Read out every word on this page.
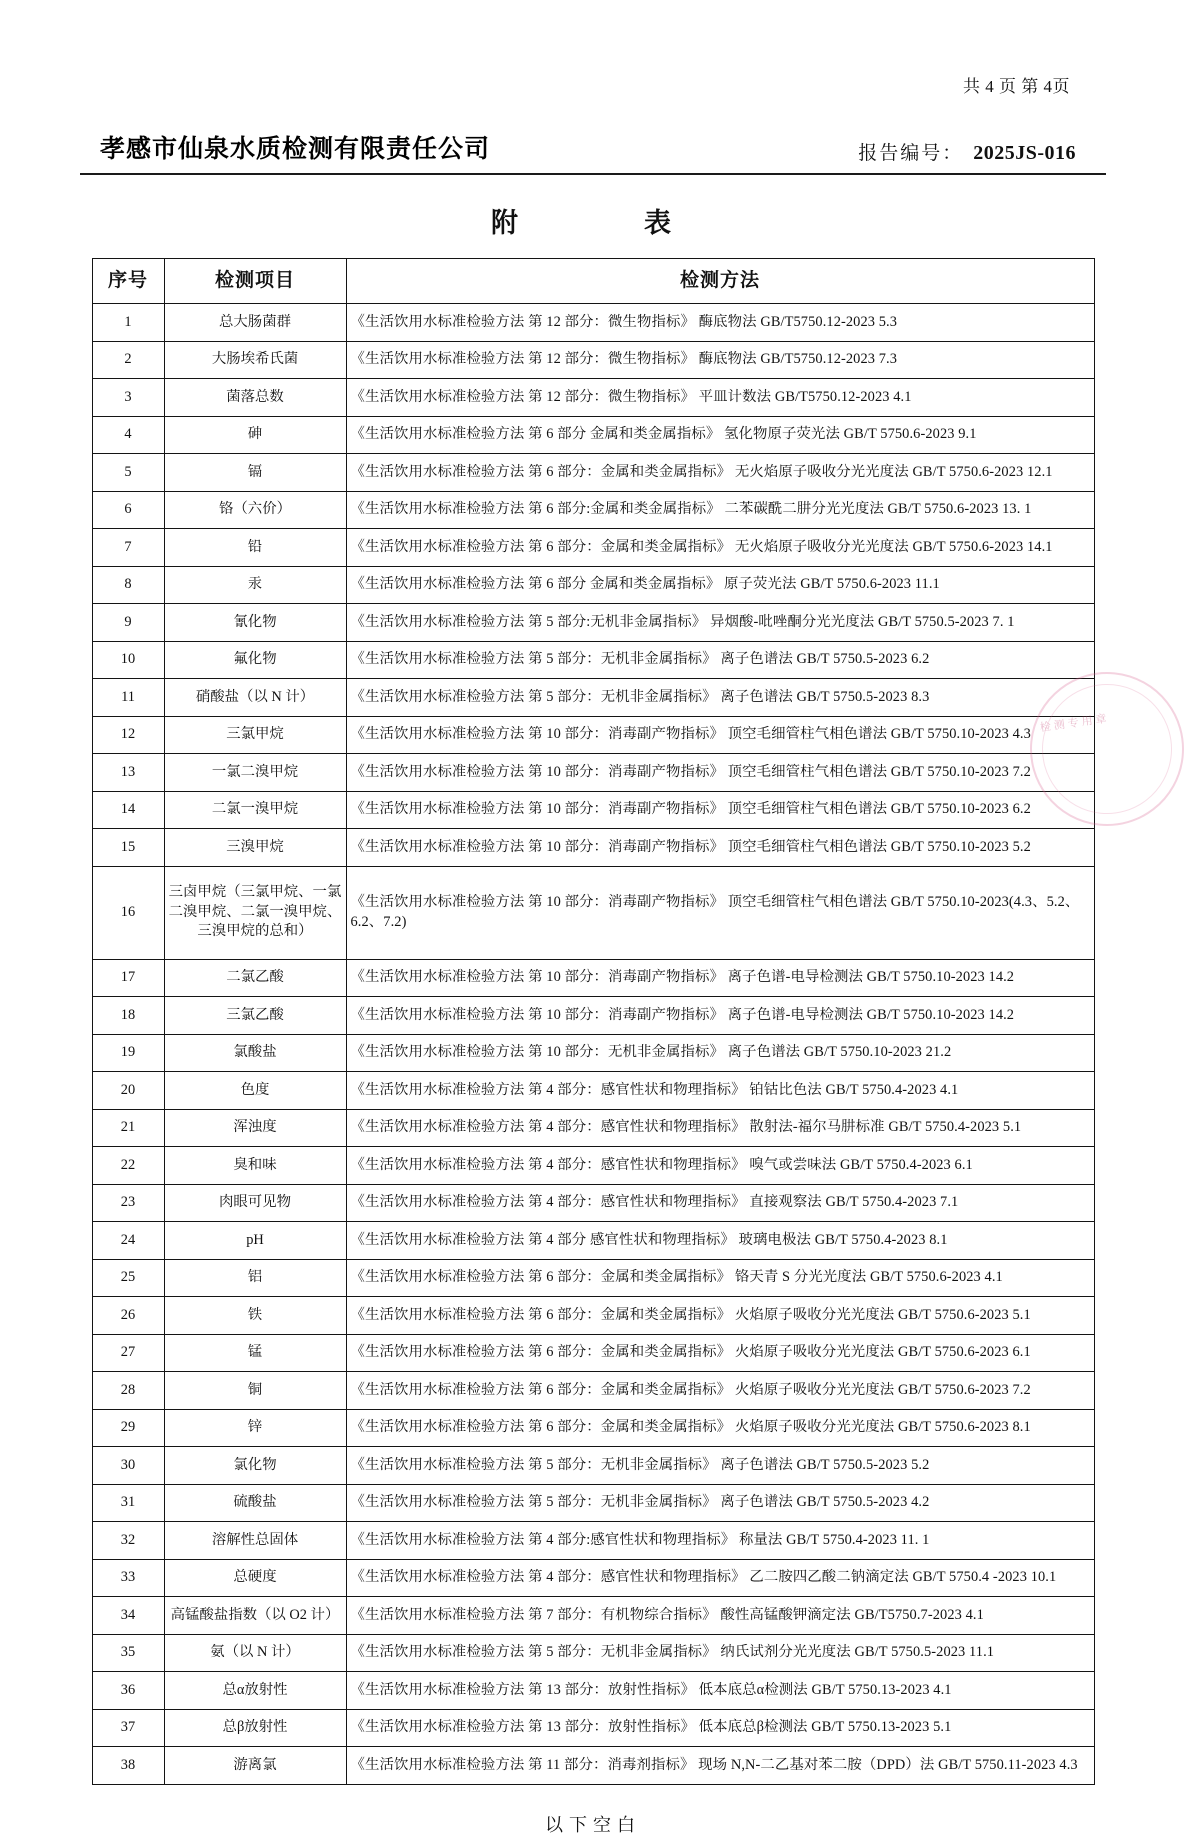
共 4 页 第 4页
孝感市仙泉水质检测有限责任公司	报告编号： 2025JS-016
附　　表
序号	检测项目	检测方法
1	总大肠菌群	《生活饮用水标准检验方法 第 12 部分：微生物指标》 酶底物法 GB/T5750.12-2023 5.3
2	大肠埃希氏菌	《生活饮用水标准检验方法 第 12 部分：微生物指标》 酶底物法 GB/T5750.12-2023 7.3
3	菌落总数	《生活饮用水标准检验方法 第 12 部分：微生物指标》 平皿计数法 GB/T5750.12-2023 4.1
4	砷	《生活饮用水标准检验方法 第 6 部分 金属和类金属指标》 氢化物原子荧光法 GB/T 5750.6-2023 9.1
5	镉	《生活饮用水标准检验方法 第 6 部分：金属和类金属指标》 无火焰原子吸收分光光度法 GB/T 5750.6-2023 12.1
6	铬（六价）	《生活饮用水标准检验方法 第 6 部分:金属和类金属指标》 二苯碳酰二肼分光光度法 GB/T 5750.6-2023 13. 1
7	铅	《生活饮用水标准检验方法 第 6 部分：金属和类金属指标》 无火焰原子吸收分光光度法 GB/T 5750.6-2023 14.1
8	汞	《生活饮用水标准检验方法 第 6 部分 金属和类金属指标》 原子荧光法 GB/T 5750.6-2023 11.1
9	氰化物	《生活饮用水标准检验方法 第 5 部分:无机非金属指标》 异烟酸-吡唑酮分光光度法 GB/T 5750.5-2023 7. 1
10	氟化物	《生活饮用水标准检验方法 第 5 部分：无机非金属指标》 离子色谱法 GB/T 5750.5-2023 6.2
11	硝酸盐（以 N 计）	《生活饮用水标准检验方法 第 5 部分：无机非金属指标》 离子色谱法 GB/T 5750.5-2023 8.3
12	三氯甲烷	《生活饮用水标准检验方法 第 10 部分：消毒副产物指标》 顶空毛细管柱气相色谱法 GB/T 5750.10-2023 4.3
13	一氯二溴甲烷	《生活饮用水标准检验方法 第 10 部分：消毒副产物指标》 顶空毛细管柱气相色谱法 GB/T 5750.10-2023 7.2
14	二氯一溴甲烷	《生活饮用水标准检验方法 第 10 部分：消毒副产物指标》 顶空毛细管柱气相色谱法 GB/T 5750.10-2023 6.2
15	三溴甲烷	《生活饮用水标准检验方法 第 10 部分：消毒副产物指标》 顶空毛细管柱气相色谱法 GB/T 5750.10-2023 5.2
16	三卤甲烷（三氯甲烷、一氯二溴甲烷、二氯一溴甲烷、三溴甲烷的总和）	《生活饮用水标准检验方法 第 10 部分：消毒副产物指标》 顶空毛细管柱气相色谱法 GB/T 5750.10-2023(4.3、5.2、6.2、7.2)
17	二氯乙酸	《生活饮用水标准检验方法 第 10 部分：消毒副产物指标》 离子色谱-电导检测法 GB/T 5750.10-2023 14.2
18	三氯乙酸	《生活饮用水标准检验方法 第 10 部分：消毒副产物指标》 离子色谱-电导检测法 GB/T 5750.10-2023 14.2
19	氯酸盐	《生活饮用水标准检验方法 第 10 部分：无机非金属指标》 离子色谱法 GB/T 5750.10-2023 21.2
20	色度	《生活饮用水标准检验方法 第 4 部分：感官性状和物理指标》 铂钴比色法 GB/T 5750.4-2023 4.1
21	浑浊度	《生活饮用水标准检验方法 第 4 部分：感官性状和物理指标》 散射法-福尔马肼标准 GB/T 5750.4-2023 5.1
22	臭和味	《生活饮用水标准检验方法 第 4 部分：感官性状和物理指标》 嗅气或尝味法 GB/T 5750.4-2023 6.1
23	肉眼可见物	《生活饮用水标准检验方法 第 4 部分：感官性状和物理指标》 直接观察法 GB/T 5750.4-2023 7.1
24	pH	《生活饮用水标准检验方法 第 4 部分 感官性状和物理指标》 玻璃电极法 GB/T 5750.4-2023 8.1
25	铝	《生活饮用水标准检验方法 第 6 部分：金属和类金属指标》 铬天青 S 分光光度法 GB/T 5750.6-2023 4.1
26	铁	《生活饮用水标准检验方法 第 6 部分：金属和类金属指标》 火焰原子吸收分光光度法 GB/T 5750.6-2023 5.1
27	锰	《生活饮用水标准检验方法 第 6 部分：金属和类金属指标》 火焰原子吸收分光光度法 GB/T 5750.6-2023 6.1
28	铜	《生活饮用水标准检验方法 第 6 部分：金属和类金属指标》 火焰原子吸收分光光度法 GB/T 5750.6-2023 7.2
29	锌	《生活饮用水标准检验方法 第 6 部分：金属和类金属指标》 火焰原子吸收分光光度法 GB/T 5750.6-2023 8.1
30	氯化物	《生活饮用水标准检验方法 第 5 部分：无机非金属指标》 离子色谱法 GB/T 5750.5-2023 5.2
31	硫酸盐	《生活饮用水标准检验方法 第 5 部分：无机非金属指标》 离子色谱法 GB/T 5750.5-2023 4.2
32	溶解性总固体	《生活饮用水标准检验方法 第 4 部分:感官性状和物理指标》 称量法 GB/T 5750.4-2023 11. 1
33	总硬度	《生活饮用水标准检验方法 第 4 部分：感官性状和物理指标》 乙二胺四乙酸二钠滴定法 GB/T 5750.4 -2023 10.1
34	高锰酸盐指数（以 O2 计）	《生活饮用水标准检验方法 第 7 部分：有机物综合指标》 酸性高锰酸钾滴定法 GB/T5750.7-2023 4.1
35	氨（以 N 计）	《生活饮用水标准检验方法 第 5 部分：无机非金属指标》 纳氏试剂分光光度法 GB/T 5750.5-2023 11.1
36	总α放射性	《生活饮用水标准检验方法 第 13 部分：放射性指标》 低本底总α检测法 GB/T 5750.13-2023 4.1
37	总β放射性	《生活饮用水标准检验方法 第 13 部分：放射性指标》 低本底总β检测法 GB/T 5750.13-2023 5.1
38	游离氯	《生活饮用水标准检验方法 第 11 部分：消毒剂指标》 现场 N,N-二乙基对苯二胺（DPD）法 GB/T 5750.11-2023 4.3
以下空白
检测专用章
